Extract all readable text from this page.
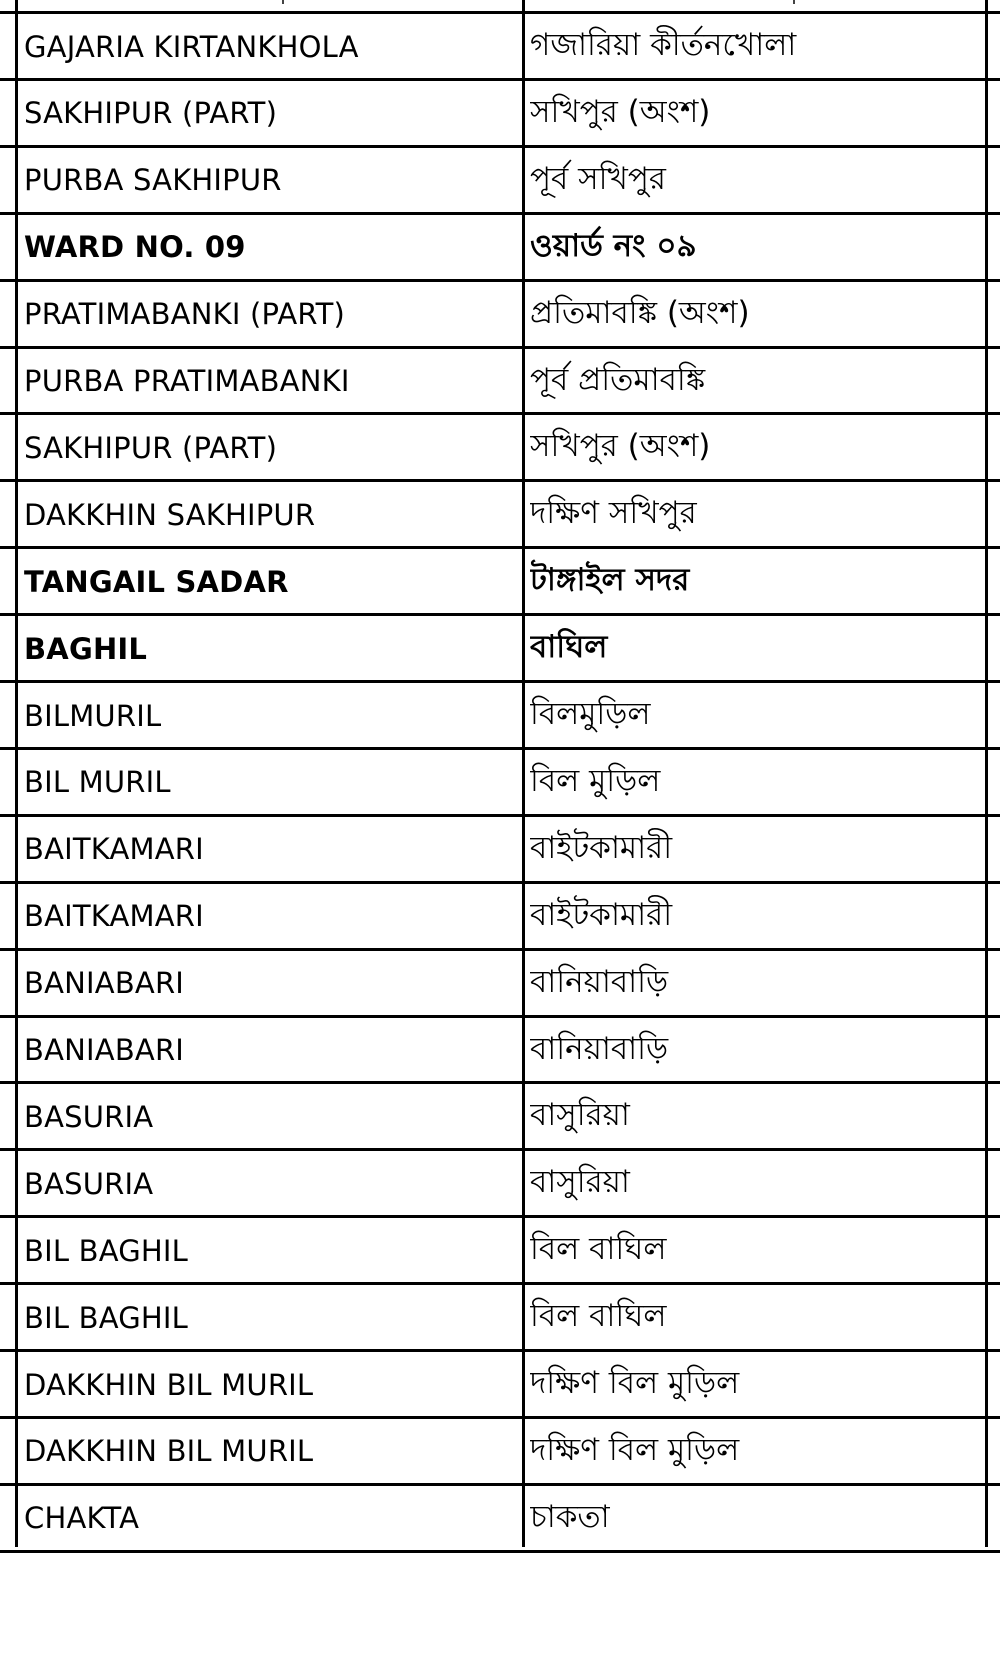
GAJARIA KIRTANKHOLA	গজারিয়া কীর্তনখোলা
SAKHIPUR (PART)	সখিপুর (অংশ)
PURBA SAKHIPUR	পূর্ব সখিপুর
WARD NO. 09	ওয়ার্ড নং ০৯
PRATIMABANKI (PART)	প্রতিমাবঙ্কি (অংশ)
PURBA PRATIMABANKI	পূর্ব প্রতিমাবঙ্কি
SAKHIPUR (PART)	সখিপুর (অংশ)
DAKKHIN SAKHIPUR	দক্ষিণ সখিপুর
TANGAIL SADAR	টাঙ্গাইল সদর
BAGHIL	বাঘিল
BILMURIL	বিলমুড়িল
BIL MURIL	বিল মুড়িল
BAITKAMARI	বাইটকামারী
BAITKAMARI	বাইটকামারী
BANIABARI	বানিয়াবাড়ি
BANIABARI	বানিয়াবাড়ি
BASURIA	বাসুরিয়া
BASURIA	বাসুরিয়া
BIL BAGHIL	বিল বাঘিল
BIL BAGHIL	বিল বাঘিল
DAKKHIN BIL MURIL	দক্ষিণ বিল মুড়িল
DAKKHIN BIL MURIL	দক্ষিণ বিল মুড়িল
CHAKTA	চাকতা
